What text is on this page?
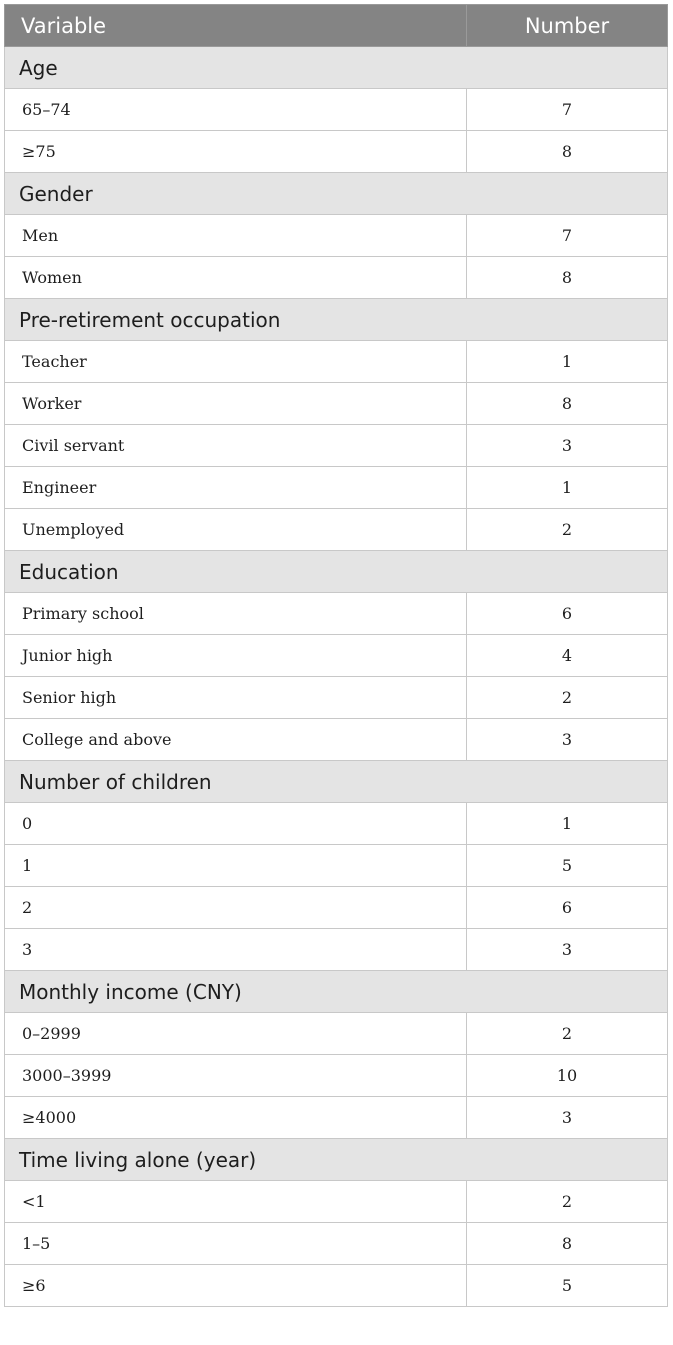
Variable	Number
Age	
65–74	7
≥75	8
Gender	
Men	7
Women	8
Pre-retirement occupation	
Teacher	1
Worker	8
Civil servant	3
Engineer	1
Unemployed	2
Education	
Primary school	6
Junior high	4
Senior high	2
College and above	3
Number of children	
0	1
1	5
2	6
3	3
Monthly income (CNY)	
0–2999	2
3000–3999	10
≥4000	3
Time living alone (year)	
<1	2
1–5	8
≥6	5
